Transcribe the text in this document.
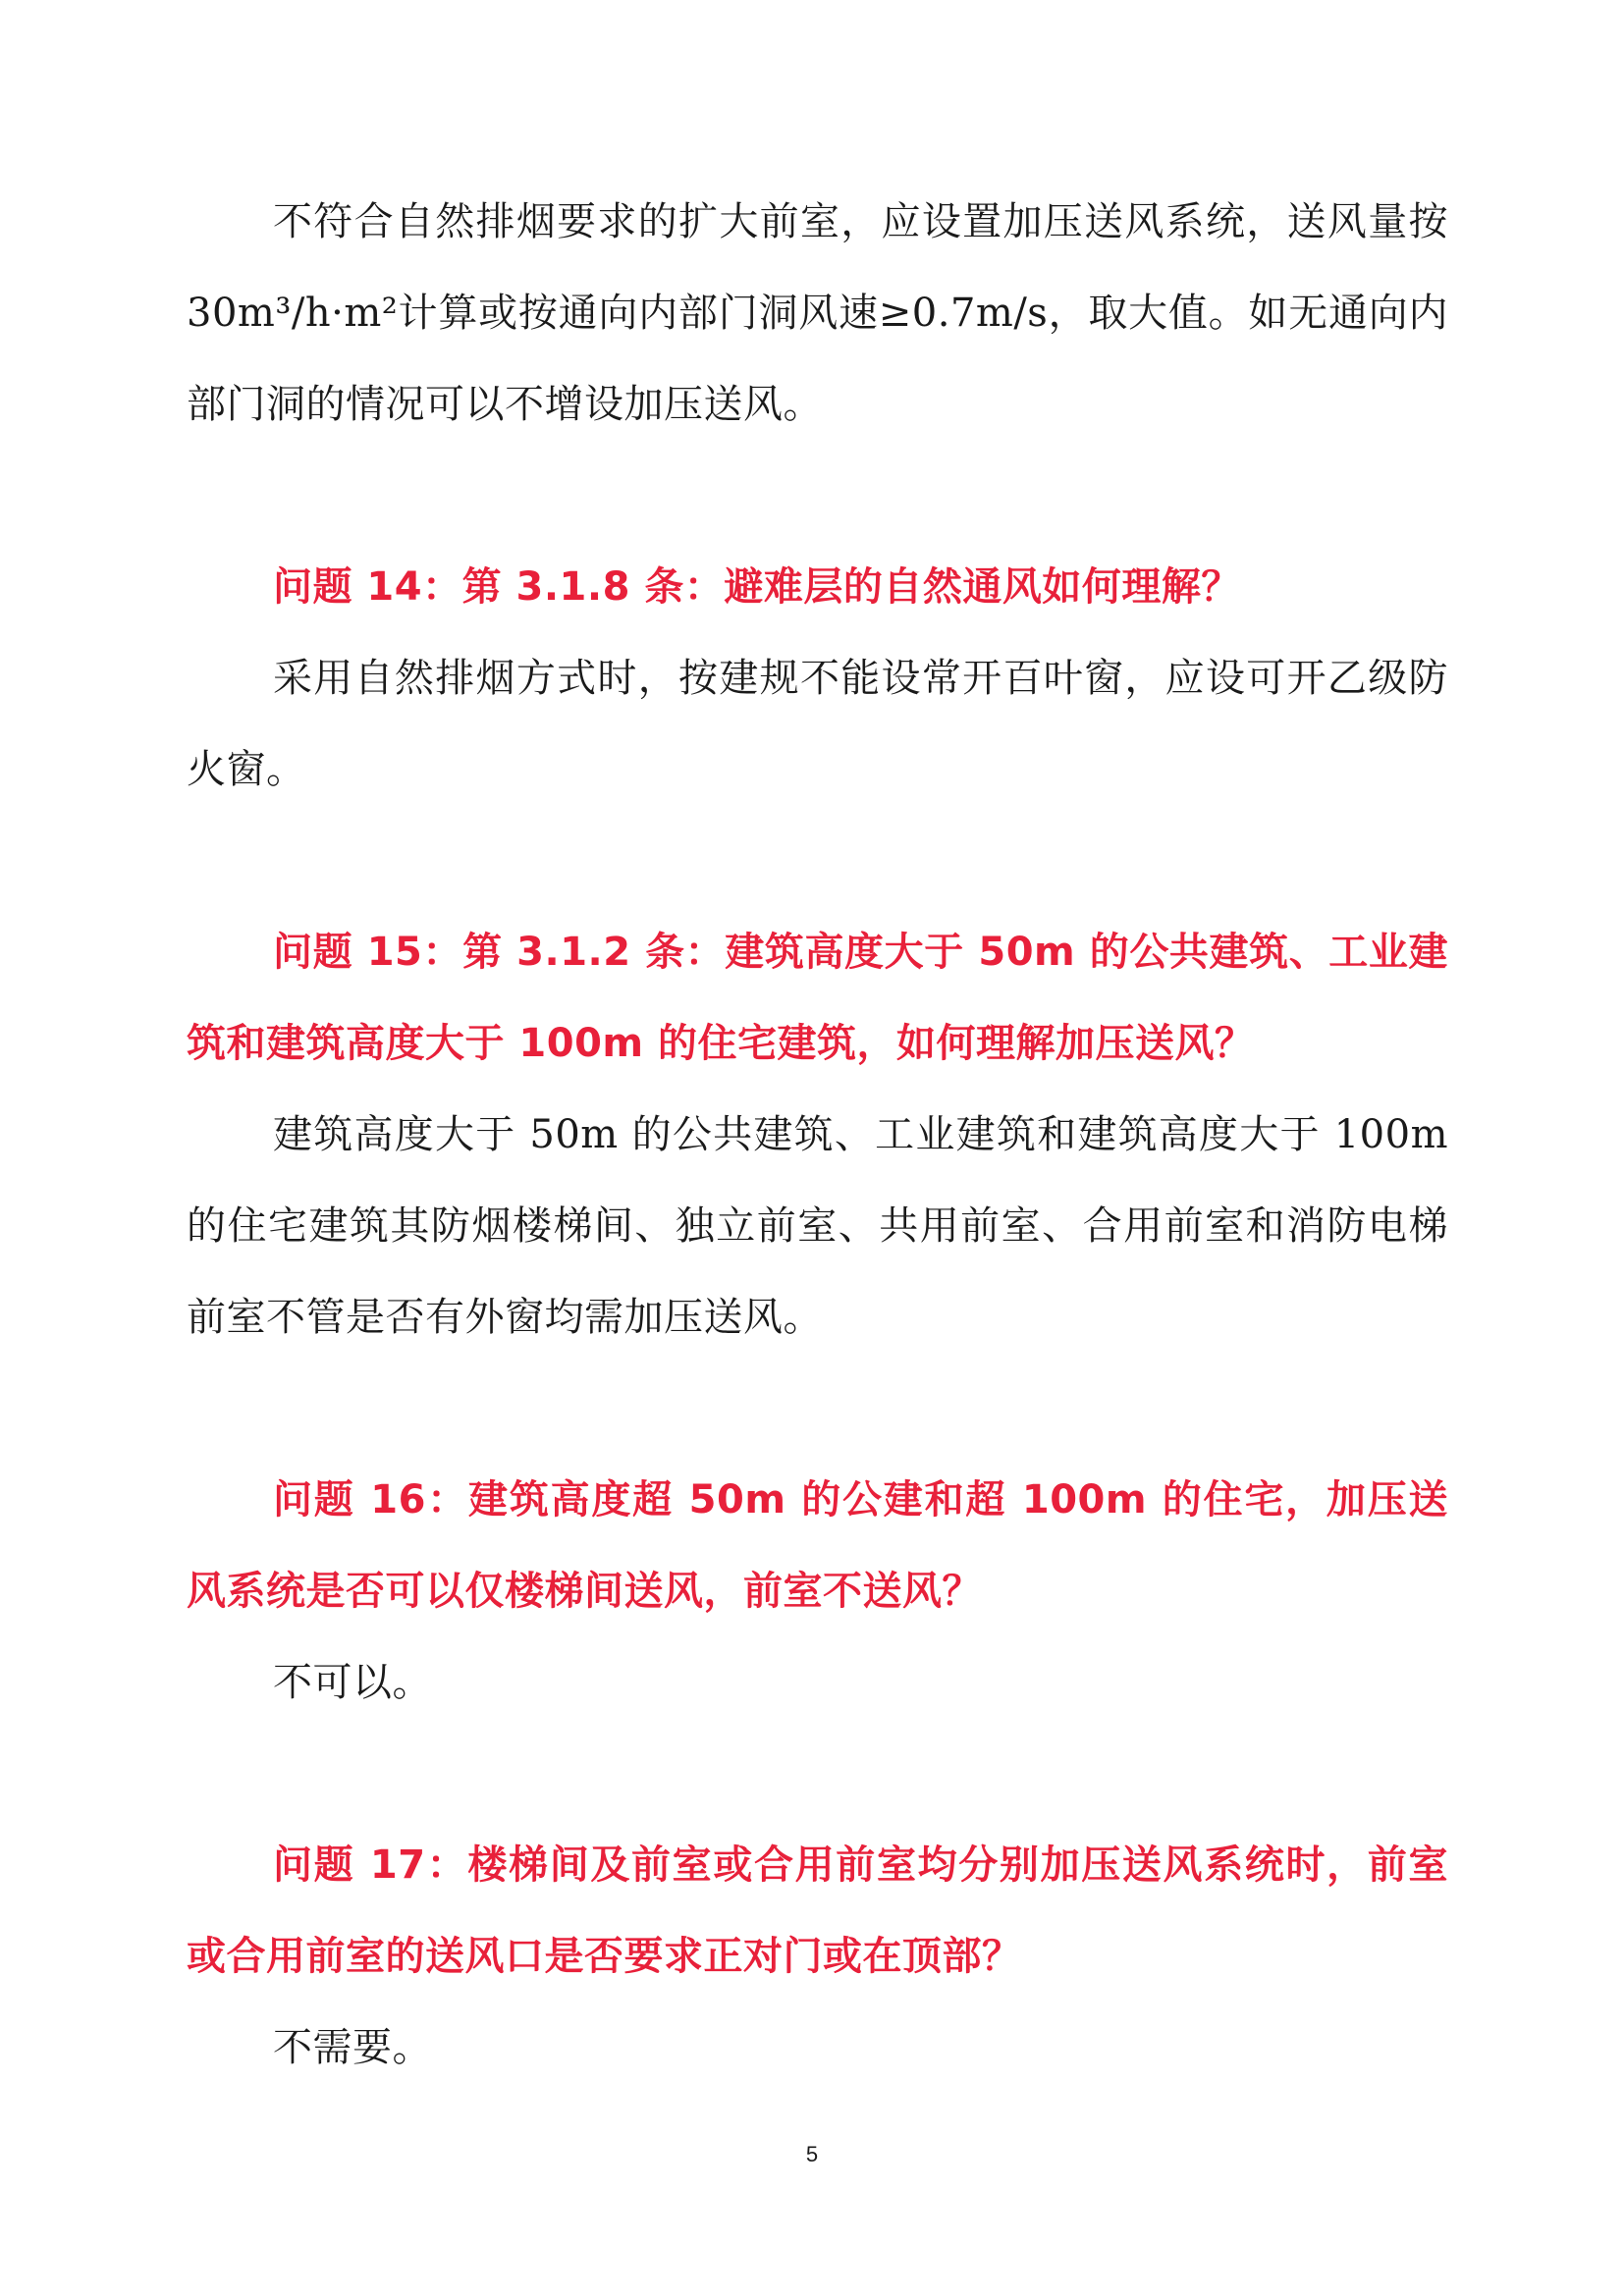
不符合自然排烟要求的扩大前室，应设置加压送风系统，送风量按 30m³/h·m²计算或按通向内部门洞风速≥0.7m/s，取大值。如无通向内部门洞的情况可以不增设加压送风。

问题 14：第 3.1.8 条：避难层的自然通风如何理解？

采用自然排烟方式时，按建规不能设常开百叶窗，应设可开乙级防火窗。

问题 15：第 3.1.2 条：建筑高度大于 50m 的公共建筑、工业建筑和建筑高度大于 100m 的住宅建筑，如何理解加压送风？

建筑高度大于 50m 的公共建筑、工业建筑和建筑高度大于 100m 的住宅建筑其防烟楼梯间、独立前室、共用前室、合用前室和消防电梯前室不管是否有外窗均需加压送风。

问题 16：建筑高度超 50m 的公建和超 100m 的住宅，加压送风系统是否可以仅楼梯间送风，前室不送风？

不可以。

问题 17：楼梯间及前室或合用前室均分别加压送风系统时，前室或合用前室的送风口是否要求正对门或在顶部？

不需要。

5
